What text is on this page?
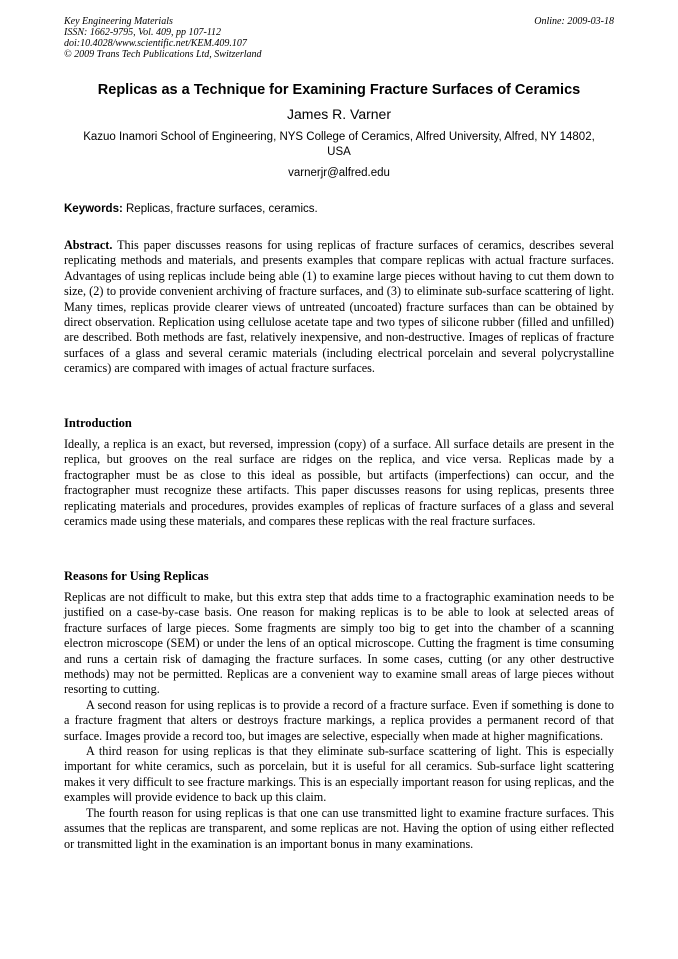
Key Engineering Materials
ISSN: 1662-9795, Vol. 409, pp 107-112
doi:10.4028/www.scientific.net/KEM.409.107
© 2009 Trans Tech Publications Ltd, Switzerland
Online: 2009-03-18
Replicas as a Technique for Examining Fracture Surfaces of Ceramics
James R. Varner
Kazuo Inamori School of Engineering, NYS College of Ceramics, Alfred University, Alfred, NY 14802, USA
varnerjr@alfred.edu
Keywords: Replicas, fracture surfaces, ceramics.
Abstract. This paper discusses reasons for using replicas of fracture surfaces of ceramics, describes several replicating methods and materials, and presents examples that compare replicas with actual fracture surfaces. Advantages of using replicas include being able (1) to examine large pieces without having to cut them down to size, (2) to provide convenient archiving of fracture surfaces, and (3) to eliminate sub-surface scattering of light. Many times, replicas provide clearer views of untreated (uncoated) fracture surfaces than can be obtained by direct observation. Replication using cellulose acetate tape and two types of silicone rubber (filled and unfilled) are described. Both methods are fast, relatively inexpensive, and non-destructive. Images of replicas of fracture surfaces of a glass and several ceramic materials (including electrical porcelain and several polycrystalline ceramics) are compared with images of actual fracture surfaces.
Introduction
Ideally, a replica is an exact, but reversed, impression (copy) of a surface. All surface details are present in the replica, but grooves on the real surface are ridges on the replica, and vice versa. Replicas made by a fractographer must be as close to this ideal as possible, but artifacts (imperfections) can occur, and the fractographer must recognize these artifacts. This paper discusses reasons for using replicas, presents three replicating materials and procedures, provides examples of replicas of fracture surfaces of a glass and several ceramics made using these materials, and compares these replicas with the real fracture surfaces.
Reasons for Using Replicas
Replicas are not difficult to make, but this extra step that adds time to a fractographic examination needs to be justified on a case-by-case basis. One reason for making replicas is to be able to look at selected areas of fracture surfaces of large pieces. Some fragments are simply too big to get into the chamber of a scanning electron microscope (SEM) or under the lens of an optical microscope. Cutting the fragment is time consuming and runs a certain risk of damaging the fracture surfaces. In some cases, cutting (or any other destructive methods) may not be permitted. Replicas are a convenient way to examine small areas of large pieces without resorting to cutting.
A second reason for using replicas is to provide a record of a fracture surface. Even if something is done to a fracture fragment that alters or destroys fracture markings, a replica provides a permanent record of that surface. Images provide a record too, but images are selective, especially when made at higher magnifications.
A third reason for using replicas is that they eliminate sub-surface scattering of light. This is especially important for white ceramics, such as porcelain, but it is useful for all ceramics. Sub-surface light scattering makes it very difficult to see fracture markings. This is an especially important reason for using replicas, and the examples will provide evidence to back up this claim.
The fourth reason for using replicas is that one can use transmitted light to examine fracture surfaces. This assumes that the replicas are transparent, and some replicas are not. Having the option of using either reflected or transmitted light in the examination is an important bonus in many examinations.
